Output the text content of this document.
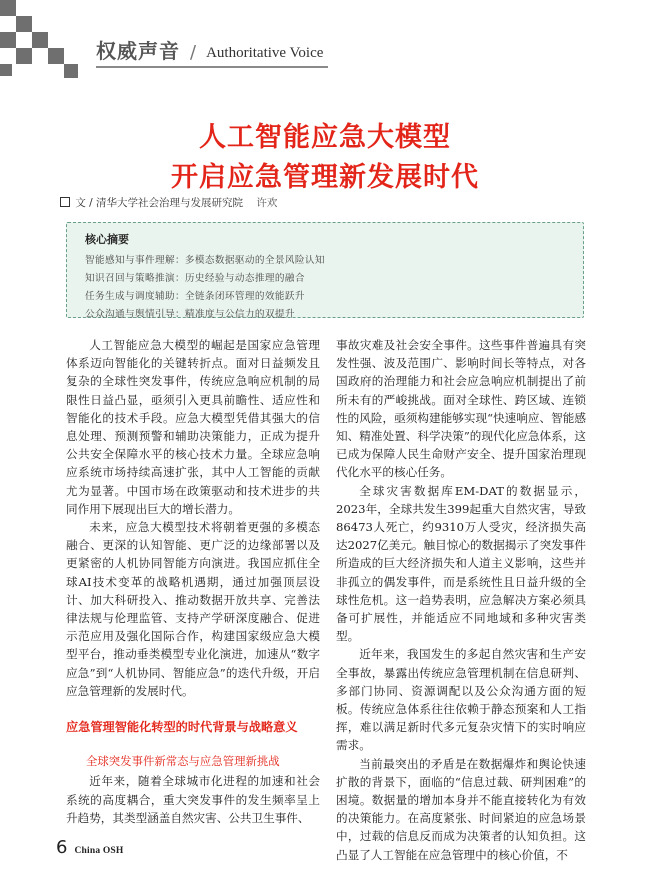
权威声音 / Authoritative Voice
人工智能应急大模型
开启应急管理新发展时代
文 / 清华大学社会治理与发展研究院 许欢
核心摘要
智能感知与事件理解：多模态数据驱动的全景风险认知
知识召回与策略推演：历史经验与动态推理的融合
任务生成与调度辅助：全链条闭环管理的效能跃升
公众沟通与舆情引导：精准度与公信力的双提升

人工智能应急大模型的崛起是国家应急管理体系迈向智能化的关键转折点。面对日益频发且复杂的全球性突发事件，传统应急响应机制的局限性日益凸显，亟须引入更具前瞻性、适应性和智能化的技术手段。应急大模型凭借其强大的信息处理、预测预警和辅助决策能力，正成为提升公共安全保障水平的核心技术力量。全球应急响应系统市场持续高速扩张，其中人工智能的贡献尤为显著。中国市场在政策驱动和技术进步的共同作用下展现出巨大的增长潜力。

未来，应急大模型技术将朝着更强的多模态融合、更深的认知智能、更广泛的边缘部署以及更紧密的人机协同智能方向演进。我国应抓住全球AI技术变革的战略机遇期，通过加强顶层设计、加大科研投入、推动数据开放共享、完善法律法规与伦理监管、支持产学研深度融合、促进示范应用及强化国际合作，构建国家级应急大模型平台，推动垂类模型专业化演进，加速从“数字应急”到“人机协同、智能应急”的迭代升级，开启应急管理新的发展时代。

应急管理智能化转型的时代背景与战略意义
全球突发事件新常态与应急管理新挑战

近年来，随着全球城市化进程的加速和社会系统的高度耦合，重大突发事件的发生频率呈上升趋势，其类型涵盖自然灾害、公共卫生事件、

事故灾难及社会安全事件。这些事件普遍具有突发性强、波及范围广、影响时间长等特点，对各国政府的治理能力和社会应急响应机制提出了前所未有的严峻挑战。面对全球性、跨区域、连锁性的风险，亟须构建能够实现“快速响应、智能感知、精准处置、科学决策”的现代化应急体系，这已成为保障人民生命财产安全、提升国家治理现代化水平的核心任务。

全球灾害数据库EM-DAT的数据显示，2023年，全球共发生399起重大自然灾害，导致86473人死亡，约9310万人受灾，经济损失高达2027亿美元。触目惊心的数据揭示了突发事件所造成的巨大经济损失和人道主义影响，这些并非孤立的偶发事件，而是系统性且日益升级的全球性危机。这一趋势表明，应急解决方案必须具备可扩展性，并能适应不同地域和多种灾害类型。

近年来，我国发生的多起自然灾害和生产安全事故，暴露出传统应急管理机制在信息研判、多部门协同、资源调配以及公众沟通方面的短板。传统应急体系往往依赖于静态预案和人工指挥，难以满足新时代多元复杂灾情下的实时响应需求。

当前最突出的矛盾是在数据爆炸和舆论快速扩散的背景下，面临的“信息过载、研判困难”的困境。数据量的增加本身并不能直接转化为有效的决策能力。在高度紧张、时间紧迫的应急场景中，过载的信息反而成为决策者的认知负担。这凸显了人工智能在应急管理中的核心价值，不

6 China OSH
